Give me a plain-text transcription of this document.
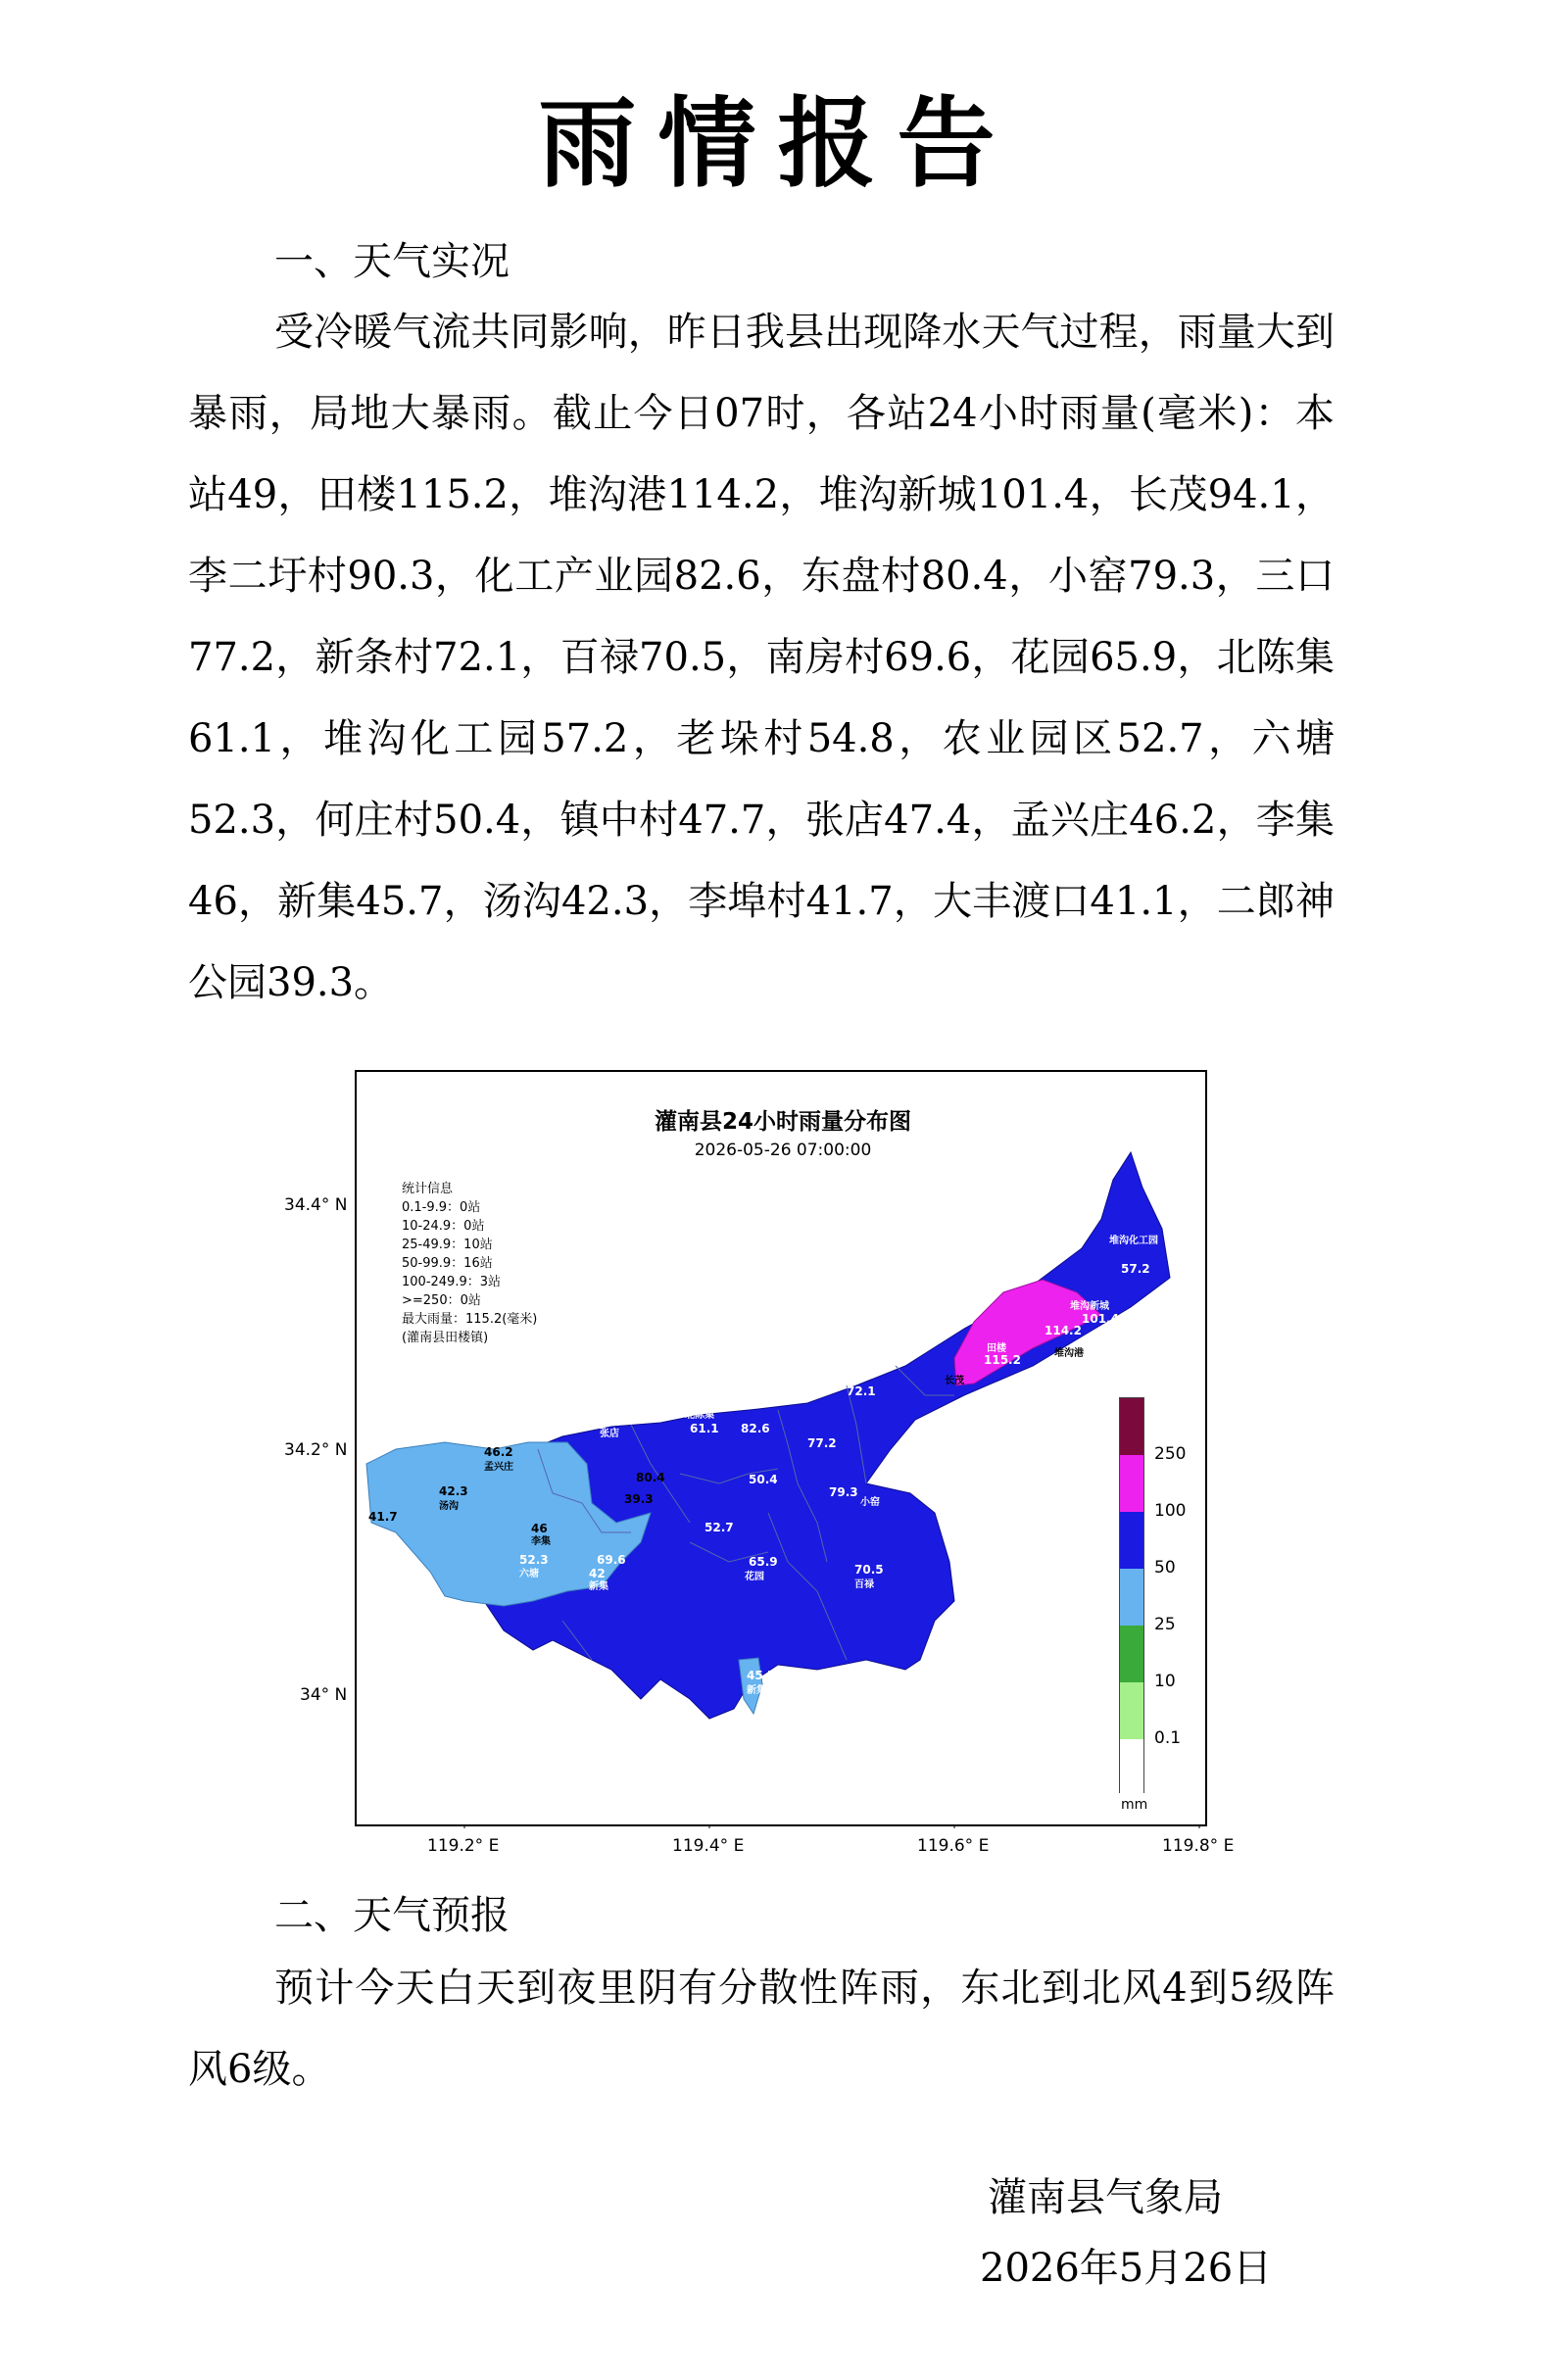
雨情报告
一、天气实况
受冷暖气流共同影响，昨日我县出现降水天气过程，雨量大到暴雨，局地大暴雨。截止今日07时，各站24小时雨量(毫米)：本站49，田楼115.2，堆沟港114.2，堆沟新城101.4，长茂94.1，李二圩村90.3，化工产业园82.6，东盘村80.4，小窑79.3，三口77.2，新条村72.1，百禄70.5，南房村69.6，花园65.9，北陈集61.1，堆沟化工园57.2，老垛村54.8，农业园区52.7，六塘52.3，何庄村50.4，镇中村47.7，张店47.4，孟兴庄46.2，李集46，新集45.7，汤沟42.3，李埠村41.7，大丰渡口41.1，二郎神公园39.3。
灌南县24小时雨量分布图
2026-05-26 07:00:00
统计信息
0.1-9.9：0站
10-24.9：0站
25-49.9：10站
50-99.9：16站
100-249.9：3站
>=250：0站
最大雨量：115.2(毫米)
(灌南县田楼镇)
57.2
堆沟化工园
101.4
堆沟新城
114.2
堆沟港
115.2
田楼
长茂
72.1
61.1
北陈集
82.6
77.2
47.4
张店
46.2
孟兴庄
42.3
汤沟
41.7
80.4
39.3
50.4
79.3
小窑
52.7
46
李集
52.3
六塘
69.6
42
新集
65.9
花园
70.5
百禄
45.7
新集
250
100
50
25
10
0.1
mm
34.4° N
34.2° N
34° N
119.2° E	119.4° E	119.6° E	119.8° E
二、天气预报
预计今天白天到夜里阴有分散性阵雨，东北到北风4到5级阵风6级。
灌南县气象局
2026年5月26日
